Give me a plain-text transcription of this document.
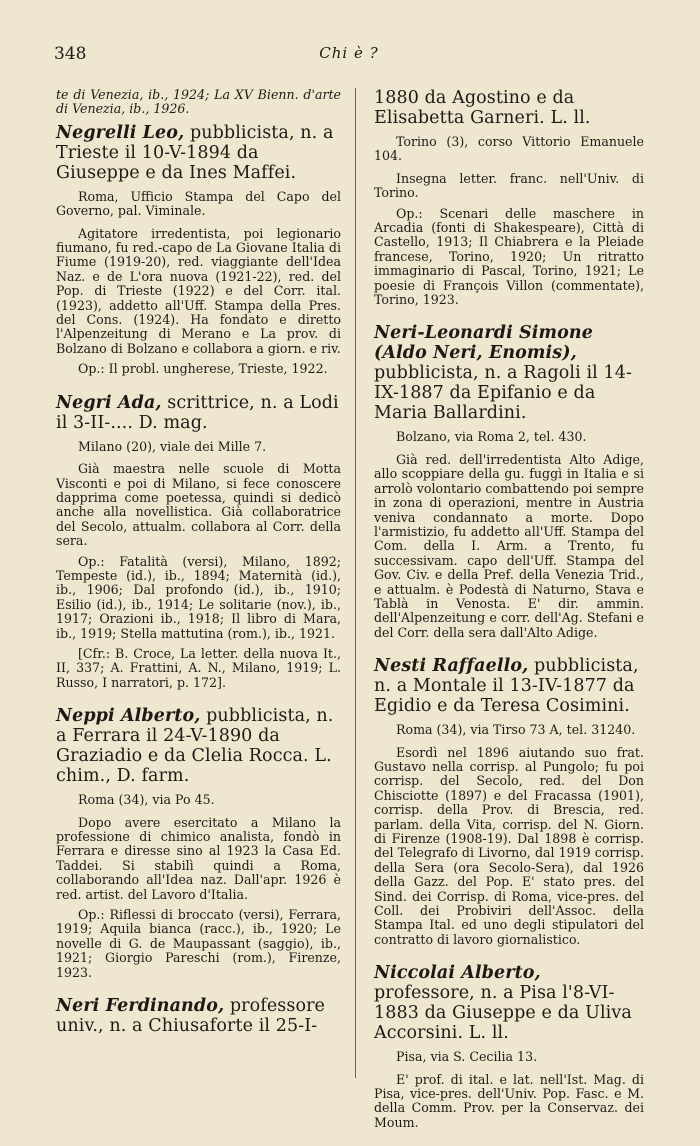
348	Chi è ?

te di Venezia, ib., 1924; La XV Bienn. d'arte di Venezia, ib., 1926.

Negrelli Leo, pubblicista, n. a Trieste il 10-V-1894 da Giuseppe e da Ines Maffei.

Roma, Ufficio Stampa del Capo del Governo, pal. Viminale.

Agitatore irredentista, poi legionario fiumano, fu red.-capo de La Giovane Italia di Fiume (1919-20), red. viaggiante dell'Idea Naz. e de L'ora nuova (1921-22), red. del Pop. di Trieste (1922) e del Corr. ital. (1923), addetto all'Uff. Stampa della Pres. del Cons. (1924). Ha fondato e diretto l'Alpenzeitung di Merano e La prov. di Bolzano di Bolzano e collabora a giorn. e riv.

Op.: Il probl. ungherese, Trieste, 1922.

Negri Ada, scrittrice, n. a Lodi il 3-II-.... D. mag.

Milano (20), viale dei Mille 7.

Già maestra nelle scuole di Motta Visconti e poi di Milano, si fece conoscere dapprima come poetessa, quindi si dedicò anche alla novellistica. Già collaboratrice del Secolo, attualm. collabora al Corr. della sera.

Op.: Fatalità (versi), Milano, 1892; Tempeste (id.), ib., 1894; Maternità (id.), ib., 1906; Dal profondo (id.), ib., 1910; Esilio (id.), ib., 1914; Le solitarie (nov.), ib., 1917; Orazioni ib., 1918; Il libro di Mara, ib., 1919; Stella mattutina (rom.), ib., 1921.

[Cfr.: B. Croce, La letter. della nuova It., II, 337; A. Frattini, A. N., Milano, 1919; L. Russo, I narratori, p. 172].

Neppi Alberto, pubblicista, n. a Ferrara il 24-V-1890 da Graziadio e da Clelia Rocca. L. chim., D. farm.

Roma (34), via Po 45.

Dopo avere esercitato a Milano la professione di chimico analista, fondò in Ferrara e diresse sino al 1923 la Casa Ed. Taddei. Si stabilì quindi a Roma, collaborando all'Idea naz. Dall'apr. 1926 è red. artist. del Lavoro d'Italia.

Op.: Riflessi di broccato (versi), Ferrara, 1919; Aquila bianca (racc.), ib., 1920; Le novelle di G. de Maupassant (saggio), ib., 1921; Giorgio Pareschi (rom.), Firenze, 1923.

Neri Ferdinando, professore univ., n. a Chiusaforte il 25-I-
1880 da Agostino e da Elisabetta Garneri. L. ll.

Torino (3), corso Vittorio Emanuele 104.

Insegna letter. franc. nell'Univ. di Torino.

Op.: Scenari delle maschere in Arcadia (fonti di Shakespeare), Città di Castello, 1913; Il Chiabrera e la Pleiade francese, Torino, 1920; Un ritratto immaginario di Pascal, Torino, 1921; Le poesie di François Villon (commentate), Torino, 1923.

Neri-Leonardi Simone (Aldo Neri, Enomis), pubblicista, n. a Ragoli il 14-IX-1887 da Epifanio e da Maria Ballardini.

Bolzano, via Roma 2, tel. 430.

Già red. dell'irredentista Alto Adige, allo scoppiare della gu. fuggì in Italia e si arrolò volontario combattendo poi sempre in zona di operazioni, mentre in Austria veniva condannato a morte. Dopo l'armistizio, fu addetto all'Uff. Stampa del Com. della I. Arm. a Trento, fu successivam. capo dell'Uff. Stampa del Gov. Civ. e della Pref. della Venezia Trid., e attualm. è Podestà di Naturno, Stava e Tablà in Venosta. E' dir. ammin. dell'Alpenzeitung e corr. dell'Ag. Stefani e del Corr. della sera dall'Alto Adige.

Nesti Raffaello, pubblicista, n. a Montale il 13-IV-1877 da Egidio e da Teresa Cosimini.

Roma (34), via Tirso 73 A, tel. 31240.

Esordì nel 1896 aiutando suo frat. Gustavo nella corrisp. al Pungolo; fu poi corrisp. del Secolo, red. del Don Chisciotte (1897) e del Fracassa (1901), corrisp. della Prov. di Brescia, red. parlam. della Vita, corrisp. del N. Giorn. di Firenze (1908-19). Dal 1898 è corrisp. del Telegrafo di Livorno, dal 1919 corrisp. della Sera (ora Secolo-Sera), dal 1926 della Gazz. del Pop. E' stato pres. del Sind. dei Corrisp. di Roma, vice-pres. del Coll. dei Probiviri dell'Assoc. della Stampa Ital. ed uno degli stipulatori del contratto di lavoro giornalistico.

Niccolai Alberto, professore, n. a Pisa l'8-VI-1883 da Giuseppe e da Uliva Accorsini. L. ll.

Pisa, via S. Cecilia 13.

E' prof. di ital. e lat. nell'Ist. Mag. di Pisa, vice-pres. dell'Univ. Pop. Fasc. e M. della Comm. Prov. per la Conservaz. dei Moum.
